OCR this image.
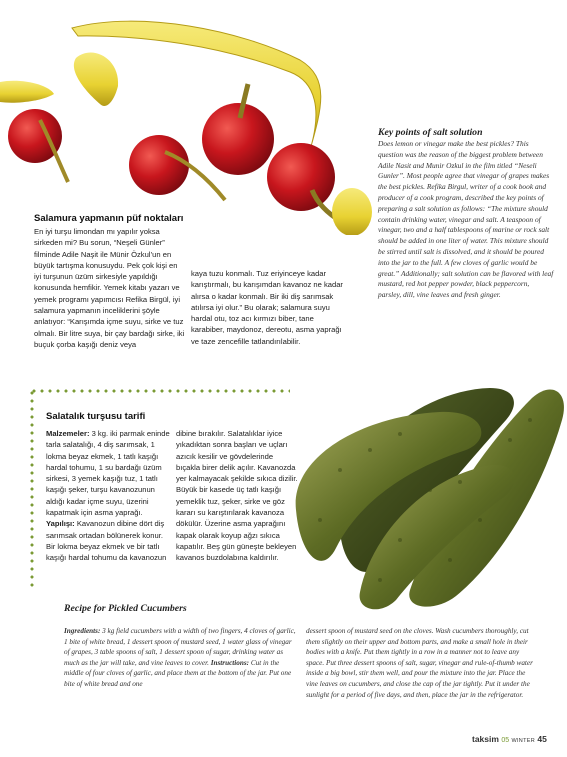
Salamura yapmanın püf noktaları
En iyi turşu limondan mı yapılır yoksa sirkeden mi? Bu sorun, “Neşeli Günler” filminde Adile Naşit ile Münir Özkul’un en büyük tartışma konusuydu. Pek çok kişi en iyi turşunun üzüm sirkesiyle yapıldığı konusunda hemfikir. Yemek kitabı yazarı ve yemek programı yapımcısı Refika Birgül, iyi salamura yapmanın inceliklerini şöyle anlatıyor: “Karışımda içme suyu, sirke ve tuz olmalı. Bir litre suya, bir çay bardağı sirke, iki buçuk çorba kaşığı deniz veya
kaya tuzu konmalı. Tuz eriyinceye kadar karıştırmalı, bu karışımdan kavanoz ne kadar alırsa o kadar konmalı. Bir iki diş sarımsak atılırsa iyi olur.” Bu olarak; salamura suyu hardal otu, toz acı kırmızı biber, tane karabiber, maydonoz, dereotu, asma yaprağı ve taze zencefille tatlandırılabilir.
Key points of salt solution
Does lemon or vinegar make the best pickles? This question was the reason of the biggest problem between Adile Nasit and Munir Ozkul in the film titled “Neseli Gunler”. Most people agree that vinegar of grapes makes the best pickles. Refika Birgul, writer of a cook book and producer of a cook program, described the key points of preparing a salt solution as follows: “The mixture should contain drinking water, vinegar and salt. A teaspoon of vinegar, two and a half tablespoons of marine or rock salt should be added in one liter of water. This mixture should be stirred until salt is dissolved, and it should be poured into the jar to the full. A few cloves of garlic would be great.” Additionally; salt solution can be flavored with leaf mustard, red hot pepper powder, black peppercorn, parsley, dill, vine leaves and fresh ginger.
Salatalık turşusu tarifi
Malzemeler: 3 kg. iki parmak eninde tarla salatalığı, 4 diş sarımsak, 1 lokma beyaz ekmek, 1 tatlı kaşığı hardal tohumu, 1 su bardağı üzüm sirkesi, 3 yemek kaşığı tuz, 1 tatlı kaşığı şeker, turşu kavanozunun aldığı kadar içme suyu, üzerini kapatmak için asma yaprağı. Yapılışı: Kavanozun dibine dört diş sarımsak ortadan bölünerek konur. Bir lokma beyaz ekmek ve bir tatlı kaşığı hardal tohumu da kavanozun
dibine bırakılır. Salatalıklar iyice yıkadıktan sonra başları ve uçları azıcık kesilir ve gövdelerinde bıçakla birer delik açılır. Kavanozda yer kalmayacak şekilde sıkıca dizilir. Büyük bir kasede üç tatlı kaşığı yemeklik tuz, şeker, sirke ve göz kararı su karıştırılarak kavanoza dökülür. Üzerine asma yaprağını kapak olarak koyup ağzı sıkıca kapatılır. Beş gün güneşte bekleyen kavanos buzdolabına kaldırılır.
Recipe for Pickled Cucumbers
Ingredients: 3 kg field cucumbers with a width of two fingers, 4 cloves of garlic, 1 bite of white bread, 1 dessert spoon of mustard seed, 1 water glass of vinegar of grapes, 3 table spoons of salt, 1 dessert spoon of sugar, drinking water as much as the jar will take, and vine leaves to cover. Instructions: Cut in the middle of four cloves of garlic, and place them at the bottom of the jar. Put one bite of white bread and one
dessert spoon of mustard seed on the cloves. Wash cucumbers thoroughly, cut them slightly on their upper and bottom parts, and make a small hole in their bodies with a knife. Put them tightly in a row in a manner not to leave any space. Put three dessert spoons of salt, sugar, vinegar and rule-of-thumb water inside a big bowl, stir them well, and pour the mixture into the jar. Place the vine leaves on cucumbers, and close the cap of the jar tightly. Put it under the sunlight for a period of five days, and then, place the jar in the refrigerator.
taksim 05 WINTER 45
